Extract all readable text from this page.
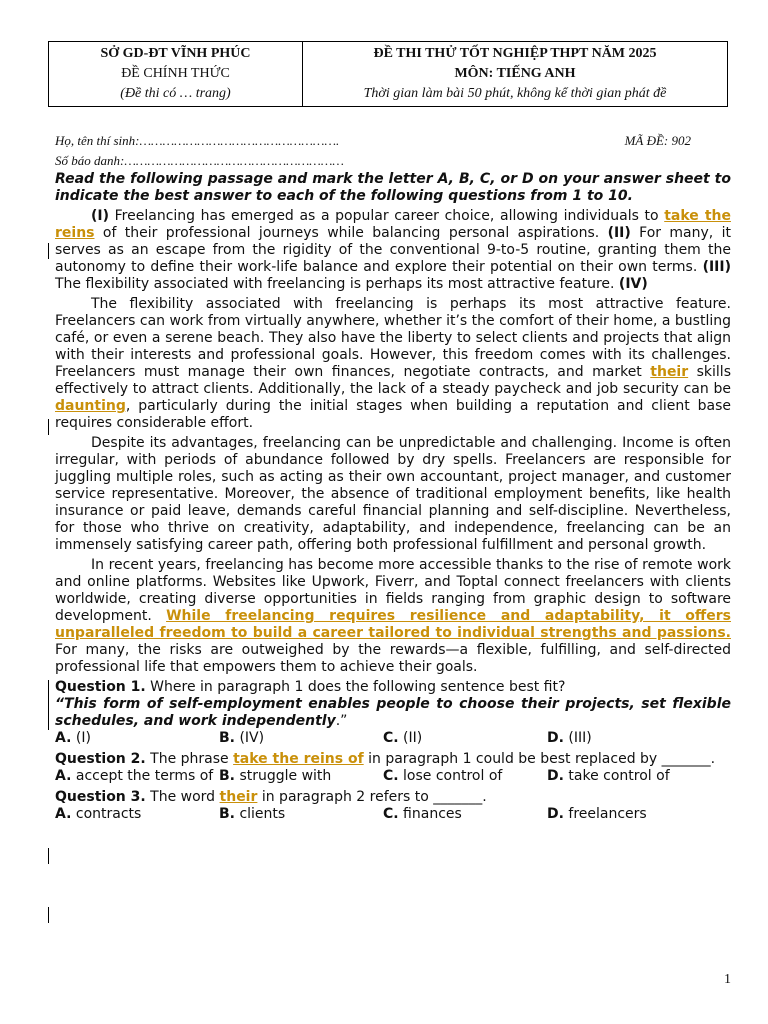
SỞ GD-ĐT VĨNH PHÚC
ĐỀ CHÍNH THỨC
(Đề thi có … trang)

ĐỀ THI THỬ TỐT NGHIỆP THPT NĂM 2025
MÔN: TIẾNG ANH
Thời gian làm bài 50 phút, không kể thời gian phát đề
Họ, tên thí sinh:…………………………………………….	MÃ ĐỀ: 902
Số báo danh:…………………………………………………

Read the following passage and mark the letter A, B, C, or D on your answer sheet to indicate the best answer to each of the following questions from 1 to 10.

(I) Freelancing has emerged as a popular career choice, allowing individuals to take the reins of their professional journeys while balancing personal aspirations. (II) For many, it serves as an escape from the rigidity of the conventional 9-to-5 routine, granting them the autonomy to define their work-life balance and explore their potential on their own terms. (III) The flexibility associated with freelancing is perhaps its most attractive feature. (IV)

The flexibility associated with freelancing is perhaps its most attractive feature. Freelancers can work from virtually anywhere, whether it’s the comfort of their home, a bustling café, or even a serene beach. They also have the liberty to select clients and projects that align with their interests and professional goals. However, this freedom comes with its challenges. Freelancers must manage their own finances, negotiate contracts, and market their skills effectively to attract clients. Additionally, the lack of a steady paycheck and job security can be daunting, particularly during the initial stages when building a reputation and client base requires considerable effort.

Despite its advantages, freelancing can be unpredictable and challenging. Income is often irregular, with periods of abundance followed by dry spells. Freelancers are responsible for juggling multiple roles, such as acting as their own accountant, project manager, and customer service representative. Moreover, the absence of traditional employment benefits, like health insurance or paid leave, demands careful financial planning and self-discipline. Nevertheless, for those who thrive on creativity, adaptability, and independence, freelancing can be an immensely satisfying career path, offering both professional fulfillment and personal growth.

In recent years, freelancing has become more accessible thanks to the rise of remote work and online platforms. Websites like Upwork, Fiverr, and Toptal connect freelancers with clients worldwide, creating diverse opportunities in fields ranging from graphic design to software development. While freelancing requires resilience and adaptability, it offers unparalleled freedom to build a career tailored to individual strengths and passions. For many, the risks are outweighed by the rewards—a flexible, fulfilling, and self-directed professional life that empowers them to achieve their goals.

Question 1. Where in paragraph 1 does the following sentence best fit?

“This form of self-employment enables people to choose their projects, set flexible schedules, and work independently.”

A. (I)	B. (IV)	C. (II)	D. (III)

Question 2. The phrase take the reins of in paragraph 1 could be best replaced by _______.

A. accept the terms of B. struggle with	C. lose control of	D. take control of

Question 3. The word their in paragraph 2 refers to _______.

A. contracts	B. clients	C. finances	D. freelancers
1
